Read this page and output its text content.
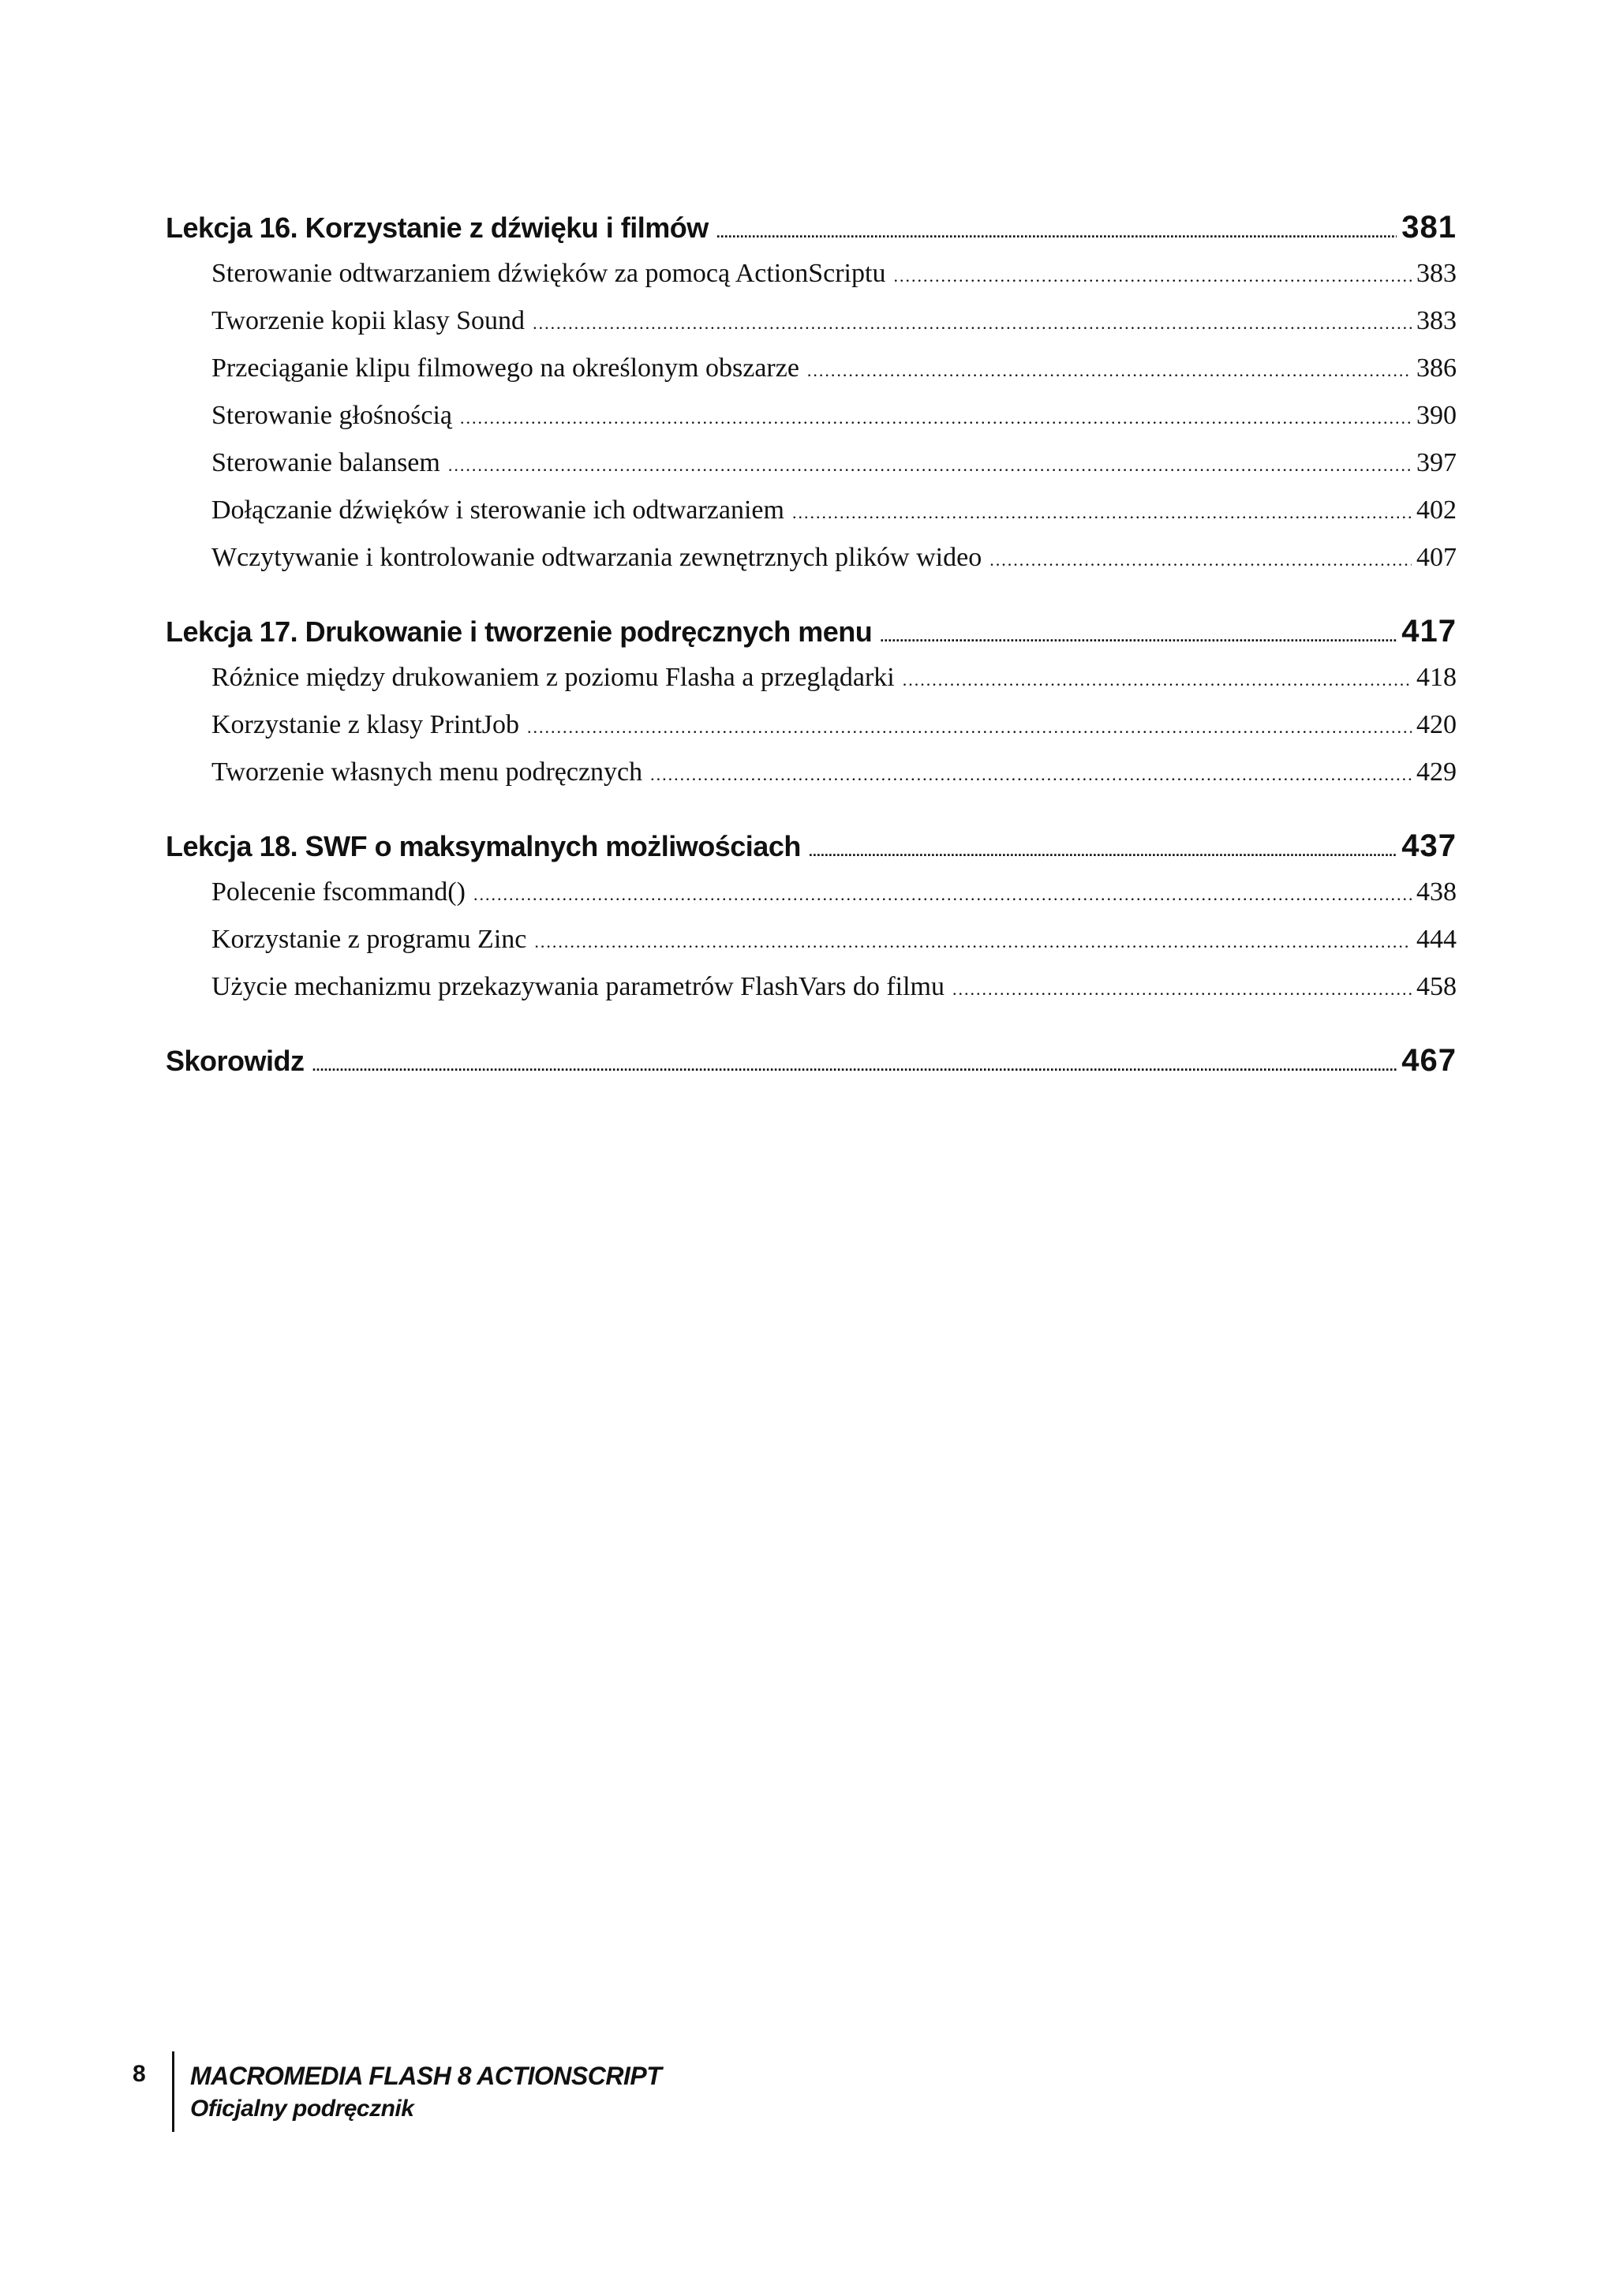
Lekcja 16. Korzystanie z dźwięku i filmów .....	381
Sterowanie odtwarzaniem dźwięków za pomocą ActionScriptu .....	383
Tworzenie kopii klasy Sound .....	383
Przeciąganie klipu filmowego na określonym obszarze .....	386
Sterowanie głośnością .....	390
Sterowanie balansem .....	397
Dołączanie dźwięków i sterowanie ich odtwarzaniem .....	402
Wczytywanie i kontrolowanie odtwarzania zewnętrznych plików wideo .....	407
Lekcja 17. Drukowanie i tworzenie podręcznych menu .....	417
Różnice między drukowaniem z poziomu Flasha a przeglądarki .....	418
Korzystanie z klasy PrintJob .....	420
Tworzenie własnych menu podręcznych .....	429
Lekcja 18. SWF o maksymalnych możliwościach .....	437
Polecenie fscommand() .....	438
Korzystanie z programu Zinc .....	444
Użycie mechanizmu przekazywania parametrów FlashVars do filmu .....	458
Skorowidz .....	467
8	MACROMEDIA FLASH 8 ACTIONSCRIPT
Oficjalny podręcznik
